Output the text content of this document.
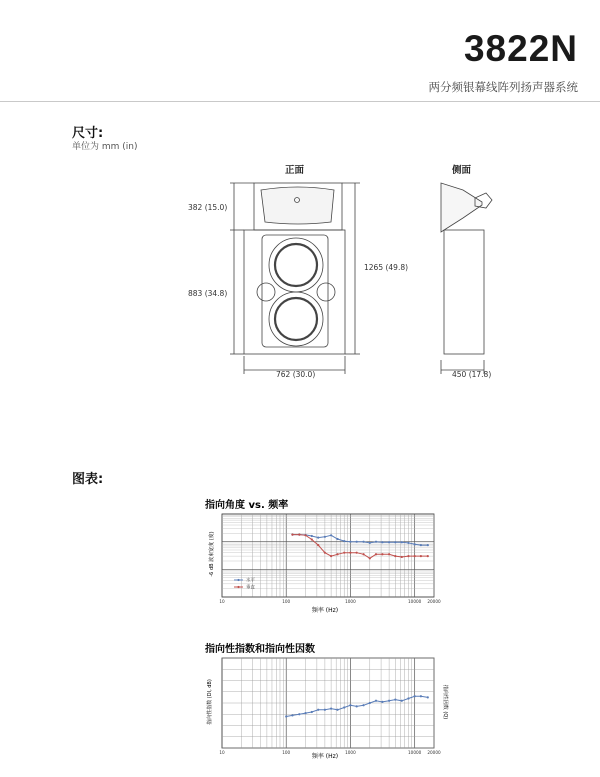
3822N
两分频银幕线阵列扬声器系统
尺寸:
单位为 mm (in)
正面	侧面
382 (15.0)
883 (34.8)
1265 (49.8)
762 (30.0)	450 (17.8)
图表:
指向角度 vs. 频率
10	100	1000	10000 20000
频率 (Hz)
-6 dB 波束宽度 (度)
水平
垂直
指向性指数和指向性因数
10	100	1000	10000 20000
频率 (Hz)
指向性指数 (DI, dB)	指向性因数 (Q)
